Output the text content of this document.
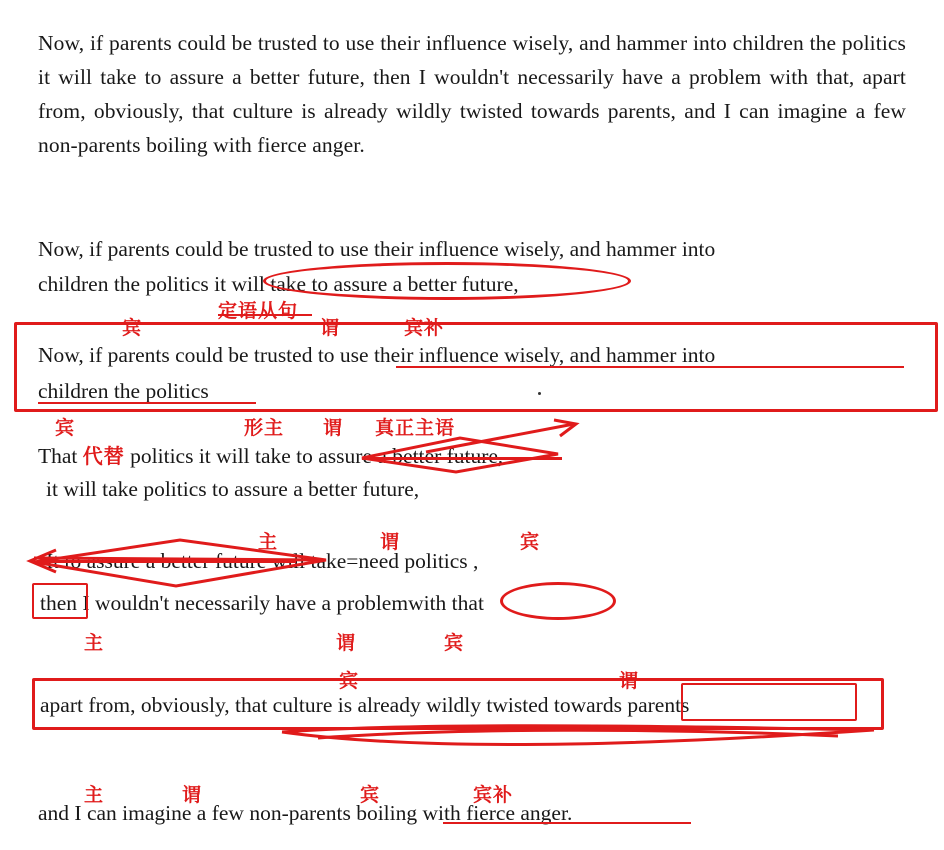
Now, if parents could be trusted to use their influence wisely, and hammer into children the politics it will take to assure a better future, then I wouldn't necessarily have a problem with that, apart from, obviously, that culture is already wildly twisted towards parents, and I can imagine a few non-parents boiling with fierce anger.
Now, if parents could be trusted to use their influence wisely, and hammer into
children the politics it will take to assure a better future,
定语从句
宾	谓	宾补
Now, if parents could be trusted to use their influence wisely, and hammer into
children the politics
宾	形主 谓 真正主语
That 代替 politics it will take to assure a better future,
it will take politics to assure a better future,
主	谓	宾
It to assure a better future will take=need politics ,
then I wouldn't necessarily have a problemwith that
主	谓	宾
宾	谓
apart from, obviously, that culture is already wildly twisted towards parents
主	谓	宾	宾补
and I can imagine a few non-parents boiling with fierce anger.
